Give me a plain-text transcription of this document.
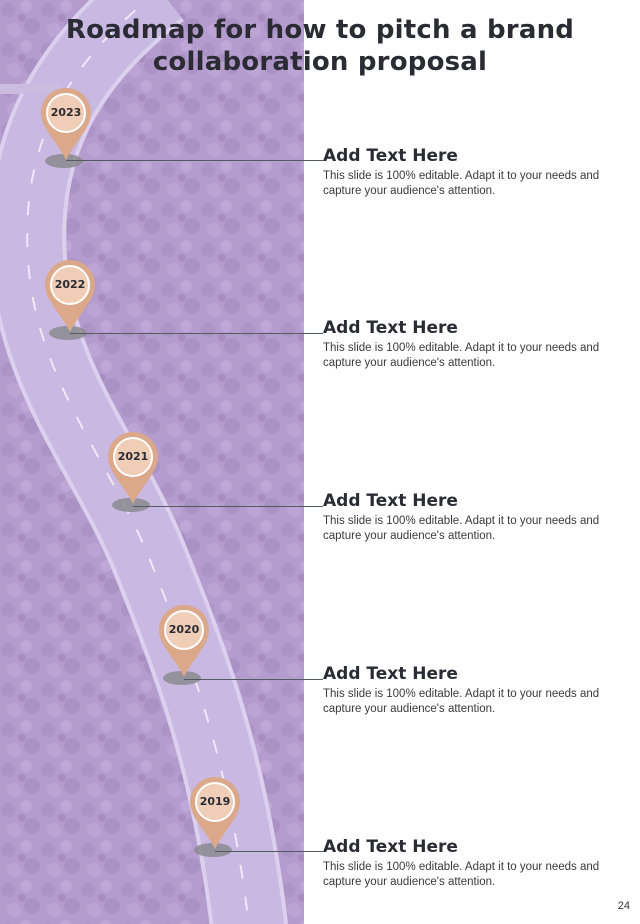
Roadmap for how to pitch a brand
collaboration proposal
2023

Add Text Here

This slide is 100% editable. Adapt it to your needs and capture your audience's attention.

2022

Add Text Here

This slide is 100% editable. Adapt it to your needs and capture your audience's attention.

2021

Add Text Here

This slide is 100% editable. Adapt it to your needs and capture your audience's attention.

2020

Add Text Here

This slide is 100% editable. Adapt it to your needs and capture your audience's attention.

2019

Add Text Here

This slide is 100% editable. Adapt it to your needs and capture your audience's attention.

24
